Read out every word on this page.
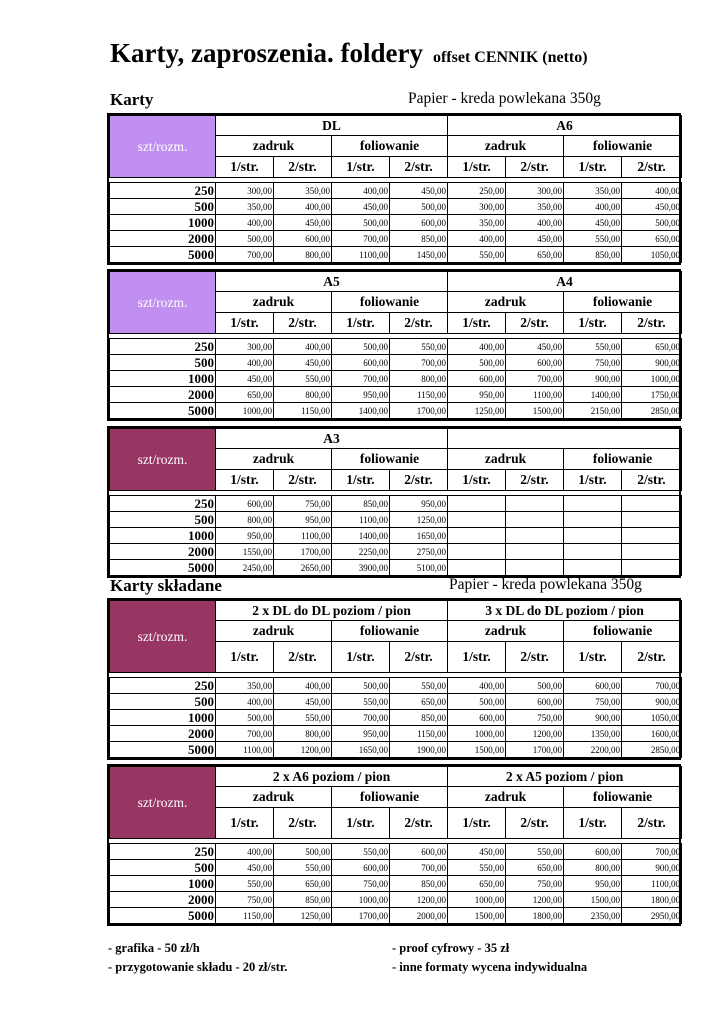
Karty, zaproszenia. foldery offset CENNIK (netto)
Karty	Papier - kreda powlekana 350g
Karty składane	Papier - kreda powlekana 350g
szt/rozm.	DL				A6			
	zadruk		foliowanie		zadruk		foliowanie	
	1/str.	2/str.	1/str.	2/str.	1/str.	2/str.	1/str.	2/str.

250	300,00	350,00	400,00	450,00	250,00	300,00	350,00	400,00
500	350,00	400,00	450,00	500,00	300,00	350,00	400,00	450,00
1000	400,00	450,00	500,00	600,00	350,00	400,00	450,00	500,00
2000	500,00	600,00	700,00	850,00	400,00	450,00	550,00	650,00
5000	700,00	800,00	1100,00	1450,00	550,00	650,00	850,00	1050,00
szt/rozm.	A5				A4			
	zadruk		foliowanie		zadruk		foliowanie	
	1/str.	2/str.	1/str.	2/str.	1/str.	2/str.	1/str.	2/str.

250	300,00	400,00	500,00	550,00	400,00	450,00	550,00	650,00
500	400,00	450,00	600,00	700,00	500,00	600,00	750,00	900,00
1000	450,00	550,00	700,00	800,00	600,00	700,00	900,00	1000,00
2000	650,00	800,00	950,00	1150,00	950,00	1100,00	1400,00	1750,00
5000	1000,00	1150,00	1400,00	1700,00	1250,00	1500,00	2150,00	2850,00
szt/rozm.	A3							
	zadruk		foliowanie		zadruk		foliowanie	
	1/str.	2/str.	1/str.	2/str.	1/str.	2/str.	1/str.	2/str.

250	600,00	750,00	850,00	950,00				
500	800,00	950,00	1100,00	1250,00				
1000	950,00	1100,00	1400,00	1650,00				
2000	1550,00	1700,00	2250,00	2750,00				
5000	2450,00	2650,00	3900,00	5100,00				
szt/rozm.	2 x DL do DL poziom / pion				3 x DL do DL poziom / pion			
	zadruk		foliowanie		zadruk		foliowanie	
	1/str.	2/str.	1/str.	2/str.	1/str.	2/str.	1/str.	2/str.

250	350,00	400,00	500,00	550,00	400,00	500,00	600,00	700,00
500	400,00	450,00	550,00	650,00	500,00	600,00	750,00	900,00
1000	500,00	550,00	700,00	850,00	600,00	750,00	900,00	1050,00
2000	700,00	800,00	950,00	1150,00	1000,00	1200,00	1350,00	1600,00
5000	1100,00	1200,00	1650,00	1900,00	1500,00	1700,00	2200,00	2850,00
szt/rozm.	2 x A6 poziom / pion				2 x A5 poziom / pion			
	zadruk		foliowanie		zadruk		foliowanie	
	1/str.	2/str.	1/str.	2/str.	1/str.	2/str.	1/str.	2/str.

250	400,00	500,00	550,00	600,00	450,00	550,00	600,00	700,00
500	450,00	550,00	600,00	700,00	550,00	650,00	800,00	900,00
1000	550,00	650,00	750,00	850,00	650,00	750,00	950,00	1100,00
2000	750,00	850,00	1000,00	1200,00	1000,00	1200,00	1500,00	1800,00
5000	1150,00	1250,00	1700,00	2000,00	1500,00	1800,00	2350,00	2950,00
- grafika - 50 zł/h
- przygotowanie składu - 20 zł/str.
- proof cyfrowy - 35 zł
- inne formaty wycena indywidualna
